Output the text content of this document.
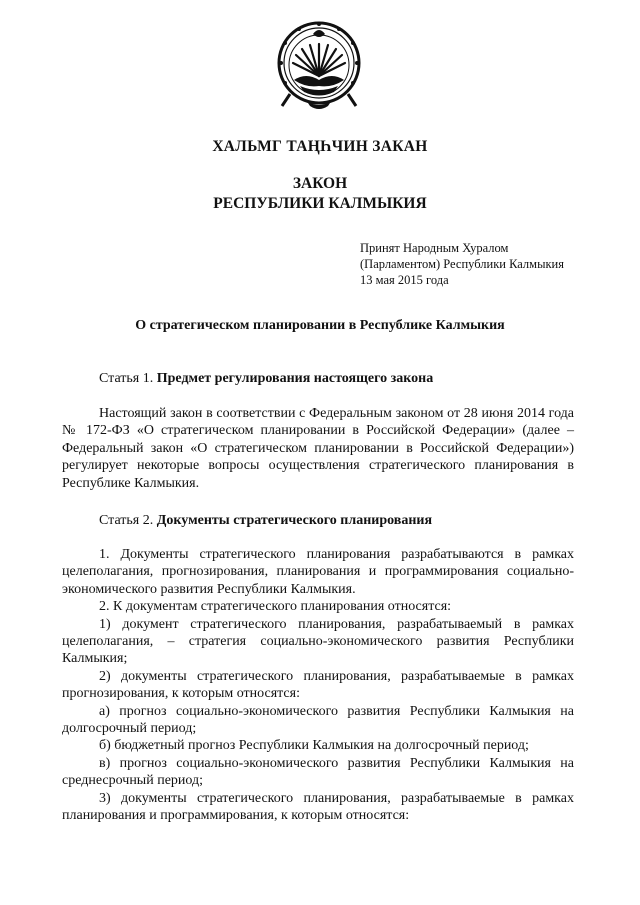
ХАЛЬМГ ТАҢҺЧИН ЗАКАН
ЗАКОН
РЕСПУБЛИКИ КАЛМЫКИЯ
Принят Народным Хуралом
(Парламентом) Республики Калмыкия
13 мая 2015 года
О стратегическом планировании в Республике Калмыкия
Статья 1. Предмет регулирования настоящего закона

Настоящий закон в соответствии с Федеральным законом от 28 июня 2014 года № 172-ФЗ «О стратегическом планировании в Российской Федерации» (далее – Федеральный закон «О стратегическом планировании в Российской Федерации») регулирует некоторые вопросы осуществления стратегического планирования в Республике Калмыкия.

Статья 2. Документы стратегического планирования

1. Документы стратегического планирования разрабатываются в рамках целеполагания, прогнозирования, планирования и программирования социально-экономического развития Республики Калмыкия.

2. К документам стратегического планирования относятся:

1) документ стратегического планирования, разрабатываемый в рамках целеполагания, – стратегия социально-экономического развития Республики Калмыкия;

2) документы стратегического планирования, разрабатываемые в рамках прогнозирования, к которым относятся:

а) прогноз социально-экономического развития Республики Калмыкия на долгосрочный период;

б) бюджетный прогноз Республики Калмыкия на долгосрочный период;

в) прогноз социально-экономического развития Республики Калмыкия на среднесрочный период;

3) документы стратегического планирования, разрабатываемые в рамках планирования и программирования, к которым относятся:
